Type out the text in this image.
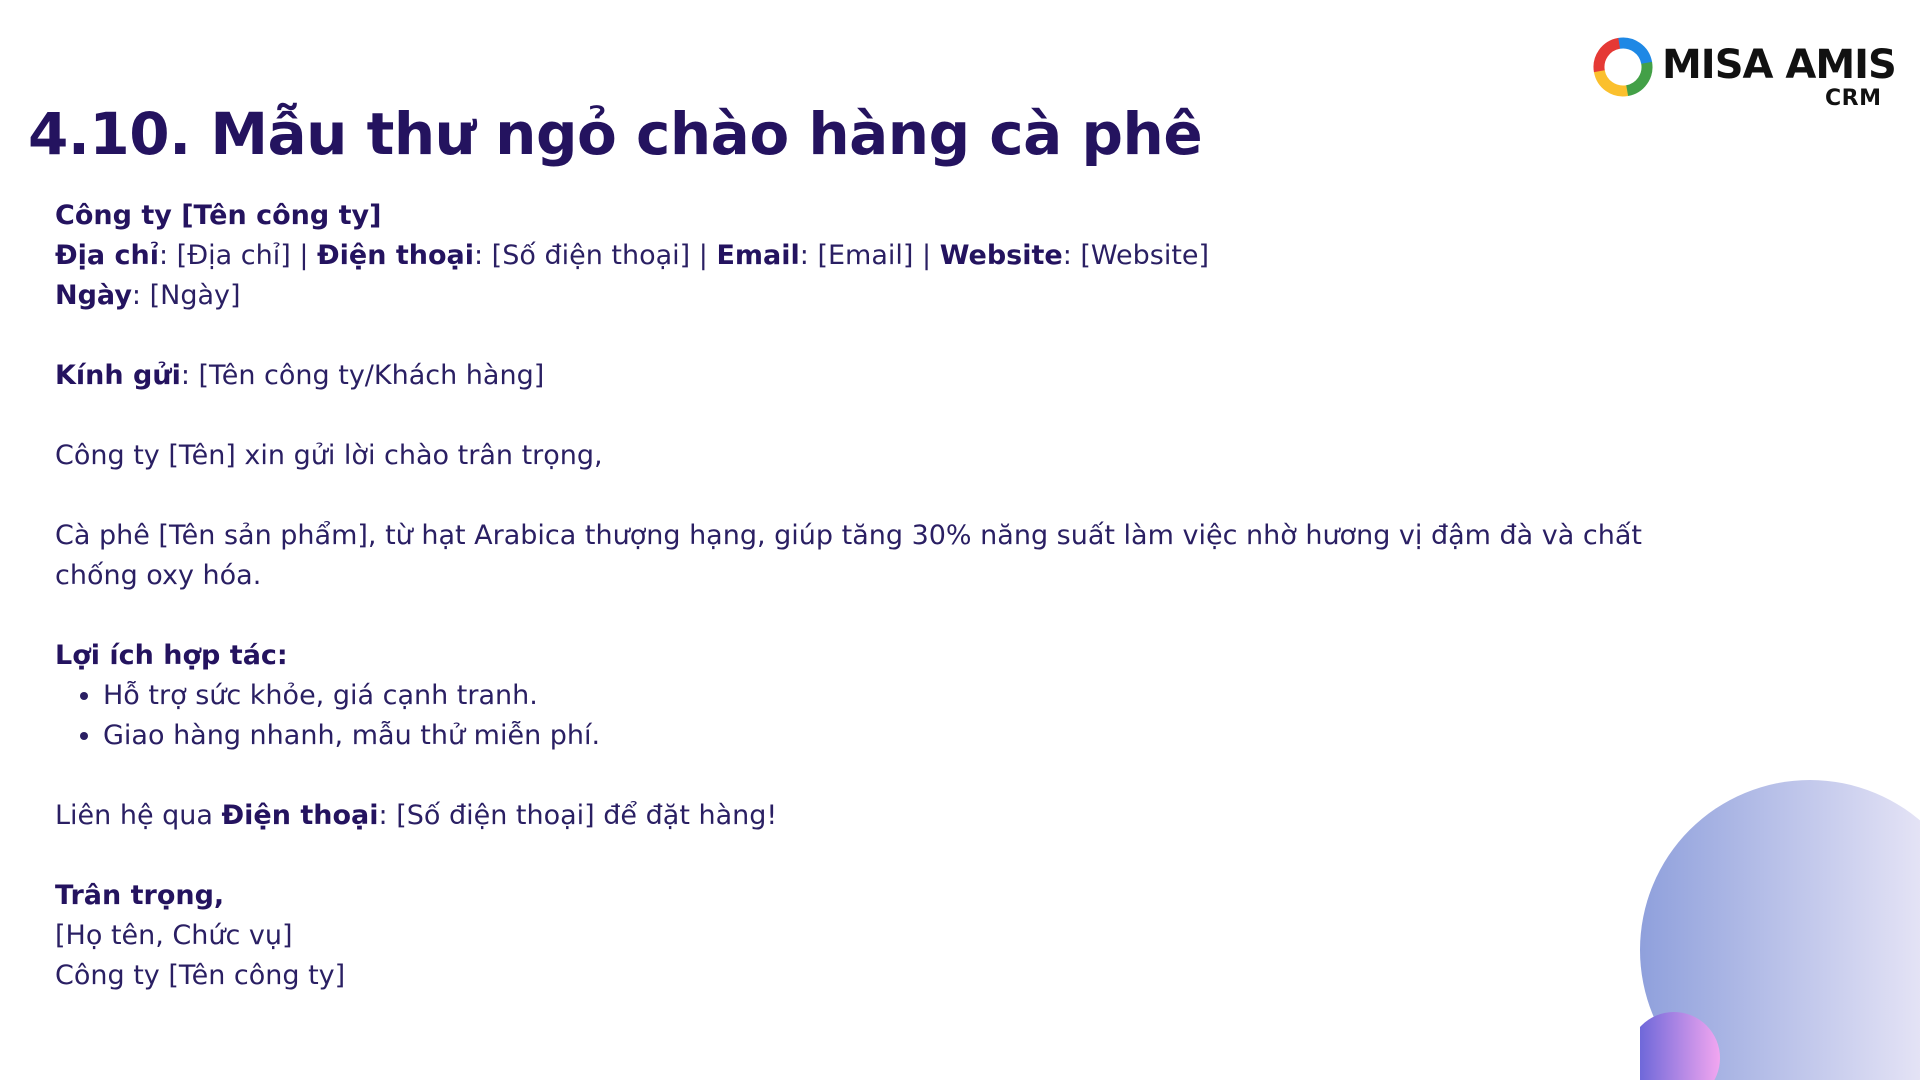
4.10. Mẫu thư ngỏ chào hàng cà phê
MISA AMIS
CRM

Công ty [Tên công ty]

Địa chỉ: [Địa chỉ] | Điện thoại: [Số điện thoại] | Email: [Email] | Website: [Website]

Ngày: [Ngày]

Kính gửi: [Tên công ty/Khách hàng]

Công ty [Tên] xin gửi lời chào trân trọng,

Cà phê [Tên sản phẩm], từ hạt Arabica thượng hạng, giúp tăng 30% năng suất làm việc nhờ hương vị đậm đà và chất chống oxy hóa.

Lợi ích hợp tác:

• Hỗ trợ sức khỏe, giá cạnh tranh.
• Giao hàng nhanh, mẫu thử miễn phí.

Liên hệ qua Điện thoại: [Số điện thoại] để đặt hàng!

Trân trọng,

[Họ tên, Chức vụ]

Công ty [Tên công ty]
